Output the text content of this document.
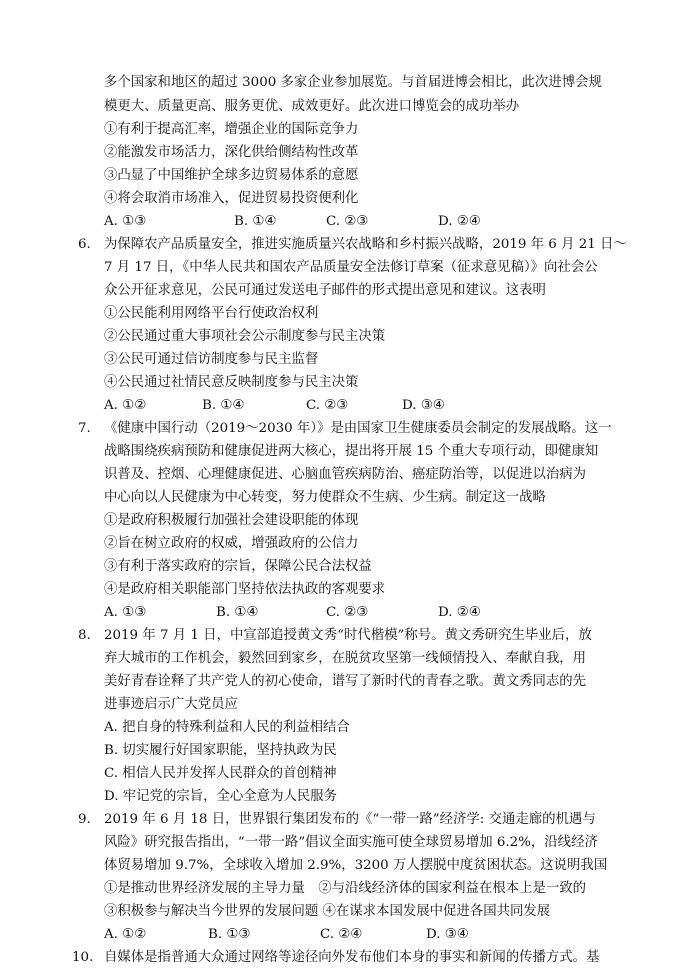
多个国家和地区的超过 3000 多家企业参加展览。与首届进博会相比，此次进博会规
模更大、质量更高、服务更优、成效更好。此次进口博览会的成功举办
①有利于提高汇率，增强企业的国际竞争力
②能激发市场活力，深化供给侧结构性改革
③凸显了中国维护全球多边贸易体系的意愿
④将会取消市场准入，促进贸易投资便利化
A. ①③	B. ①④	C. ②③	D. ②④
6. 为保障农产品质量安全，推进实施质量兴农战略和乡村振兴战略，2019 年 6 月 21 日～
7 月 17 日，《中华人民共和国农产品质量安全法修订草案（征求意见稿）》向社会公
众公开征求意见，公民可通过发送电子邮件的形式提出意见和建议。这表明
①公民能利用网络平台行使政治权利
②公民通过重大事项社会公示制度参与民主决策
③公民可通过信访制度参与民主监督
④公民通过社情民意反映制度参与民主决策
A. ①②	B. ①④	C. ②③	D. ③④
7. 《健康中国行动（2019～2030 年）》是由国家卫生健康委员会制定的发展战略。这一
战略围绕疾病预防和健康促进两大核心，提出将开展 15 个重大专项行动，即健康知
识普及、控烟、心理健康促进、心脑血管疾病防治、癌症防治等，以促进以治病为
中心向以人民健康为中心转变，努力使群众不生病、少生病。制定这一战略
①是政府积极履行加强社会建设职能的体现
②旨在树立政府的权威，增强政府的公信力
③有利于落实政府的宗旨，保障公民合法权益
④是政府相关职能部门坚持依法执政的客观要求
A. ①③	B. ①④	C. ②③	D. ②④
8. 2019 年 7 月 1 日，中宣部追授黄文秀“时代楷模”称号。黄文秀研究生毕业后，放
弃大城市的工作机会，毅然回到家乡，在脱贫攻坚第一线倾情投入、奉献自我，用
美好青春诠释了共产党人的初心使命，谱写了新时代的青春之歌。黄文秀同志的先
进事迹启示广大党员应
A. 把自身的特殊利益和人民的利益相结合
B. 切实履行好国家职能，坚持执政为民
C. 相信人民并发挥人民群众的首创精神
D. 牢记党的宗旨，全心全意为人民服务
9. 2019 年 6 月 18 日，世界银行集团发布的《“一带一路”经济学: 交通走廊的机遇与
风险》研究报告指出，“一带一路”倡议全面实施可使全球贸易增加 6.2%，沿线经济
体贸易增加 9.7%，全球收入增加 2.9%，3200 万人摆脱中度贫困状态。这说明我国
①是推动世界经济发展的主导力量　②与沿线经济体的国家利益在根本上是一致的
③积极参与解决当今世界的发展问题 ④在谋求本国发展中促进各国共同发展
A. ①②	B. ①③	C. ②④	D. ③④
10. 自媒体是指普通大众通过网络等途径向外发布他们本身的事实和新闻的传播方式。基
